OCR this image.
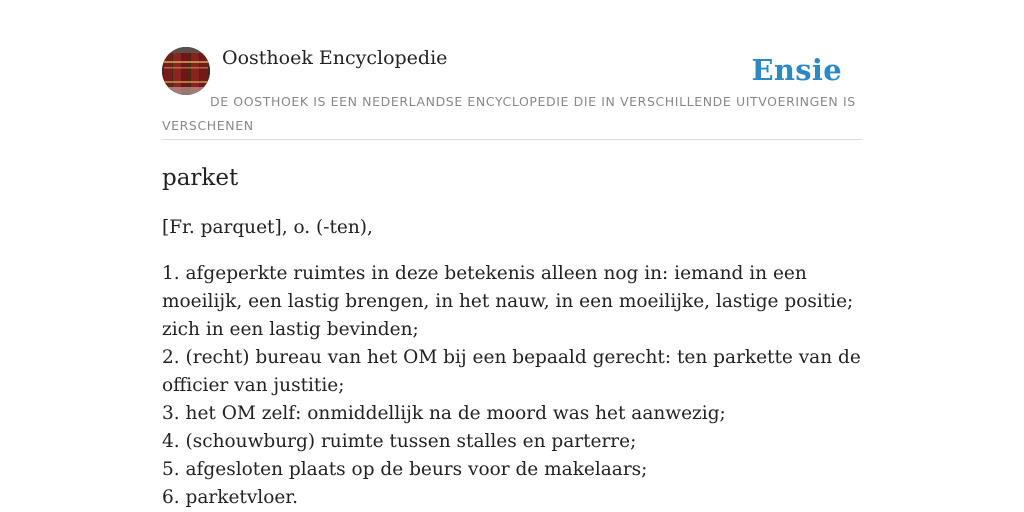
Oosthoek Encyclopedie	Ensie
DE OOSTHOEK IS EEN NEDERLANDSE ENCYCLOPEDIE DIE IN VERSCHILLENDE UITVOERINGEN IS VERSCHENEN
parket

[Fr. parquet], o. (-ten),

1. afgeperkte ruimtes in deze betekenis alleen nog in: iemand in een moeilijk, een lastig brengen, in het nauw, in een moeilijke, lastige positie; zich in een lastig bevinden;
2. (recht) bureau van het OM bij een bepaald gerecht: ten parkette van de officier van justitie;
3. het OM zelf: onmiddellijk na de moord was het aanwezig;
4. (schouwburg) ruimte tussen stalles en parterre;
5. afgesloten plaats op de beurs voor de makelaars;
6. parketvloer.
